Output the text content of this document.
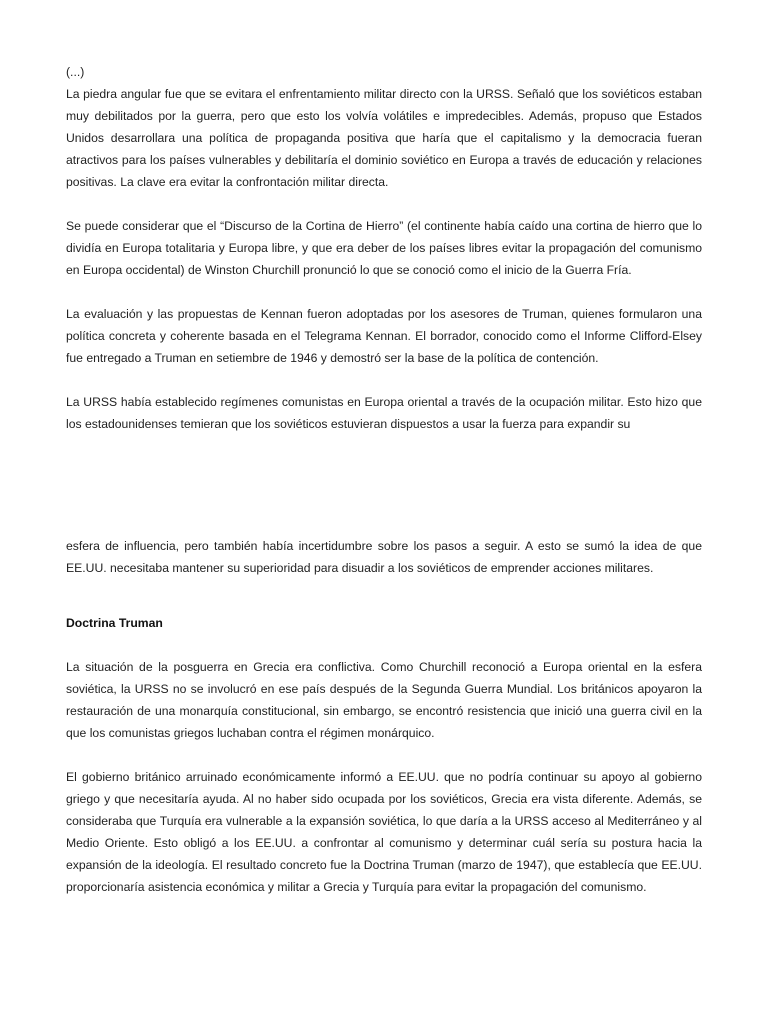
(...)

La piedra angular fue que se evitara el enfrentamiento militar directo con la URSS. Señaló que los soviéticos estaban muy debilitados por la guerra, pero que esto los volvía volátiles e impredecibles. Además, propuso que Estados Unidos desarrollara una política de propaganda positiva que haría que el capitalismo y la democracia fueran atractivos para los países vulnerables y debilitaría el dominio soviético en Europa a través de educación y relaciones positivas. La clave era evitar la confrontación militar directa.

Se puede considerar que el “Discurso de la Cortina de Hierro” (el continente había caído una cortina de hierro que lo dividía en Europa totalitaria y Europa libre, y que era deber de los países libres evitar la propagación del comunismo en Europa occidental) de Winston Churchill pronunció lo que se conoció como el inicio de la Guerra Fría.

La evaluación y las propuestas de Kennan fueron adoptadas por los asesores de Truman, quienes formularon una política concreta y coherente basada en el Telegrama Kennan. El borrador, conocido como el Informe Clifford-Elsey fue entregado a Truman en setiembre de 1946 y demostró ser la base de la política de contención.

La URSS había establecido regímenes comunistas en Europa oriental a través de la ocupación militar. Esto hizo que los estadounidenses temieran que los soviéticos estuvieran dispuestos a usar la fuerza para expandir su

esfera de influencia, pero también había incertidumbre sobre los pasos a seguir. A esto se sumó la idea de que EE.UU. necesitaba mantener su superioridad para disuadir a los soviéticos de emprender acciones militares.

Doctrina Truman

La situación de la posguerra en Grecia era conflictiva. Como Churchill reconoció a Europa oriental en la esfera soviética, la URSS no se involucró en ese país después de la Segunda Guerra Mundial. Los británicos apoyaron la restauración de una monarquía constitucional, sin embargo, se encontró resistencia que inició una guerra civil en la que los comunistas griegos luchaban contra el régimen monárquico.

El gobierno británico arruinado económicamente informó a EE.UU. que no podría continuar su apoyo al gobierno griego y que necesitaría ayuda. Al no haber sido ocupada por los soviéticos, Grecia era vista diferente. Además, se consideraba que Turquía era vulnerable a la expansión soviética, lo que daría a la URSS acceso al Mediterráneo y al Medio Oriente. Esto obligó a los EE.UU. a confrontar al comunismo y determinar cuál sería su postura hacia la expansión de la ideología. El resultado concreto fue la Doctrina Truman (marzo de 1947), que establecía que EE.UU. proporcionaría asistencia económica y militar a Grecia y Turquía para evitar la propagación del comunismo.
